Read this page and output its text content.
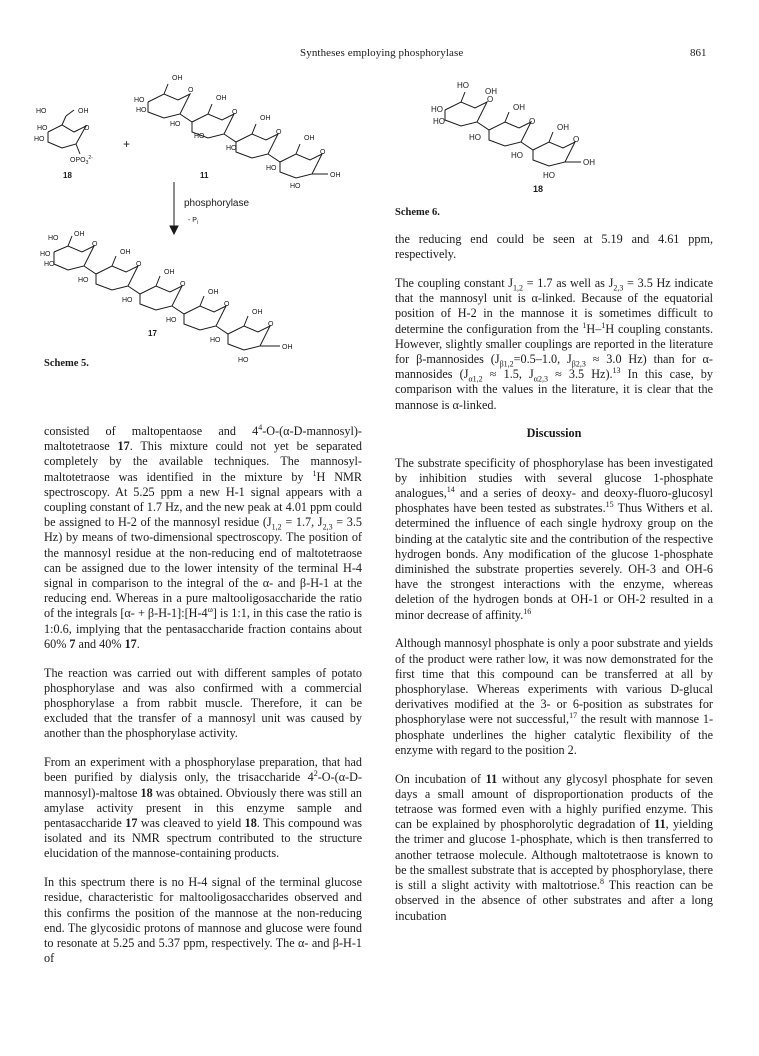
Syntheses employing phosphorylase	861
HO	OH
HO
HO
O
$OPO_3^{2-}$
18
+
OH
HO
HO
O
OH
HO
HO
O
OH
HO
O
OH
HO
HO
O
OH
11
phosphorylase
- $P_i$
HO
OH
HO
HO
O
OH
HO
O
OH
HO
O
OH
HO
O
OH
HO
O
OH
HO
17
Scheme 5.
HO
OH
HO
HO
O
OH
HO
O
OH
HO
O
OH
HO
18
Scheme 6.

consisted of maltopentaose and $4^4-O-(\alpha-D-mannosyl)$-maltotetraose 17. This mixture could not yet be separated completely by the available techniques. The mannosyl-maltotetraose was identified in the mixture by $^1$H NMR spectroscopy. At 5.25 ppm a new H-1 signal appears with a coupling constant of 1.7 Hz, and the new peak at 4.01 ppm could be assigned to H-2 of the mannosyl residue ($J_{1,2} = 1.7$, $J_{2,3} = 3.5$ Hz) by means of two-dimensional spectroscopy. The position of the mannosyl residue at the non-reducing end of maltotetraose can be assigned due to the lower intensity of the terminal H-4 signal in comparison to the integral of the α- and β-H-1 at the reducing end. Whereas in a pure maltooligosaccharide the ratio of the integrals $[\alpha- + \beta-H-1]:[H-4^\omega]$ is 1:1, in this case the ratio is 1:0.6, implying that the pentasaccharide fraction contains about 60% 7 and 40% 17.

The reaction was carried out with different samples of potato phosphorylase and was also confirmed with a commercial phosphorylase a from rabbit muscle. Therefore, it can be excluded that the transfer of a mannosyl unit was caused by another than the phosphorylase activity.

From an experiment with a phosphorylase preparation, that had been purified by dialysis only, the trisaccharide $4^2-O-(\alpha-D-mannosyl)$-maltose 18 was obtained. Obviously there was still an amylase activity present in this enzyme sample and pentasaccharide 17 was cleaved to yield 18. This compound was isolated and its NMR spectrum contributed to the structure elucidation of the mannose-containing products.

In this spectrum there is no H-4 signal of the terminal glucose residue, characteristic for maltooligosaccharides observed and this confirms the position of the mannose at the non-reducing end. The glycosidic protons of mannose and glucose were found to resonate at 5.25 and 5.37 ppm, respectively. The α- and β-H-1 of

the reducing end could be seen at 5.19 and 4.61 ppm, respectively.

The coupling constant $J_{1,2} = 1.7$ as well as $J_{2,3} = 3.5$ Hz indicate that the mannosyl unit is α-linked. Because of the equatorial position of H-2 in the mannose it is sometimes difficult to determine the configuration from the $^1$H–$^1$H coupling constants. However, slightly smaller couplings are reported in the literature for β-mannosides ($J_{\beta 1,2}=0.5-1.0$, $J_{\beta 2,3} \approx 3.0$ Hz) than for α-mannosides ($J_{\alpha 1,2} \approx 1.5$, $J_{\alpha 2,3} \approx 3.5$ Hz).$^{13}$ In this case, by comparison with the values in the literature, it is clear that the mannose is α-linked.

Discussion

The substrate specificity of phosphorylase has been investigated by inhibition studies with several glucose 1-phosphate analogues,$^{14}$ and a series of deoxy- and deoxy-fluoro-glucosyl phosphates have been tested as substrates.$^{15}$ Thus Withers et al. determined the influence of each single hydroxy group on the binding at the catalytic site and the contribution of the respective hydrogen bonds. Any modification of the glucose 1-phosphate diminished the substrate properties severely. OH-3 and OH-6 have the strongest interactions with the enzyme, whereas deletion of the hydrogen bonds at OH-1 or OH-2 resulted in a minor decrease of affinity.$^{16}$

Although mannosyl phosphate is only a poor substrate and yields of the product were rather low, it was now demonstrated for the first time that this compound can be transferred at all by phosphorylase. Whereas experiments with various D-glucal derivatives modified at the 3- or 6-position as substrates for phosphorylase were not successful,$^{17}$ the result with mannose 1-phosphate underlines the higher catalytic flexibility of the enzyme with regard to the position 2.

On incubation of 11 without any glycosyl phosphate for seven days a small amount of disproportionation products of the tetraose was formed even with a highly purified enzyme. This can be explained by phosphorolytic degradation of 11, yielding the trimer and glucose 1-phosphate, which is then transferred to another tetraose molecule. Although maltotetraose is known to be the smallest substrate that is accepted by phosphorylase, there is still a slight activity with maltotriose.$^8$ This reaction can be observed in the absence of other substrates and after a long incubation
